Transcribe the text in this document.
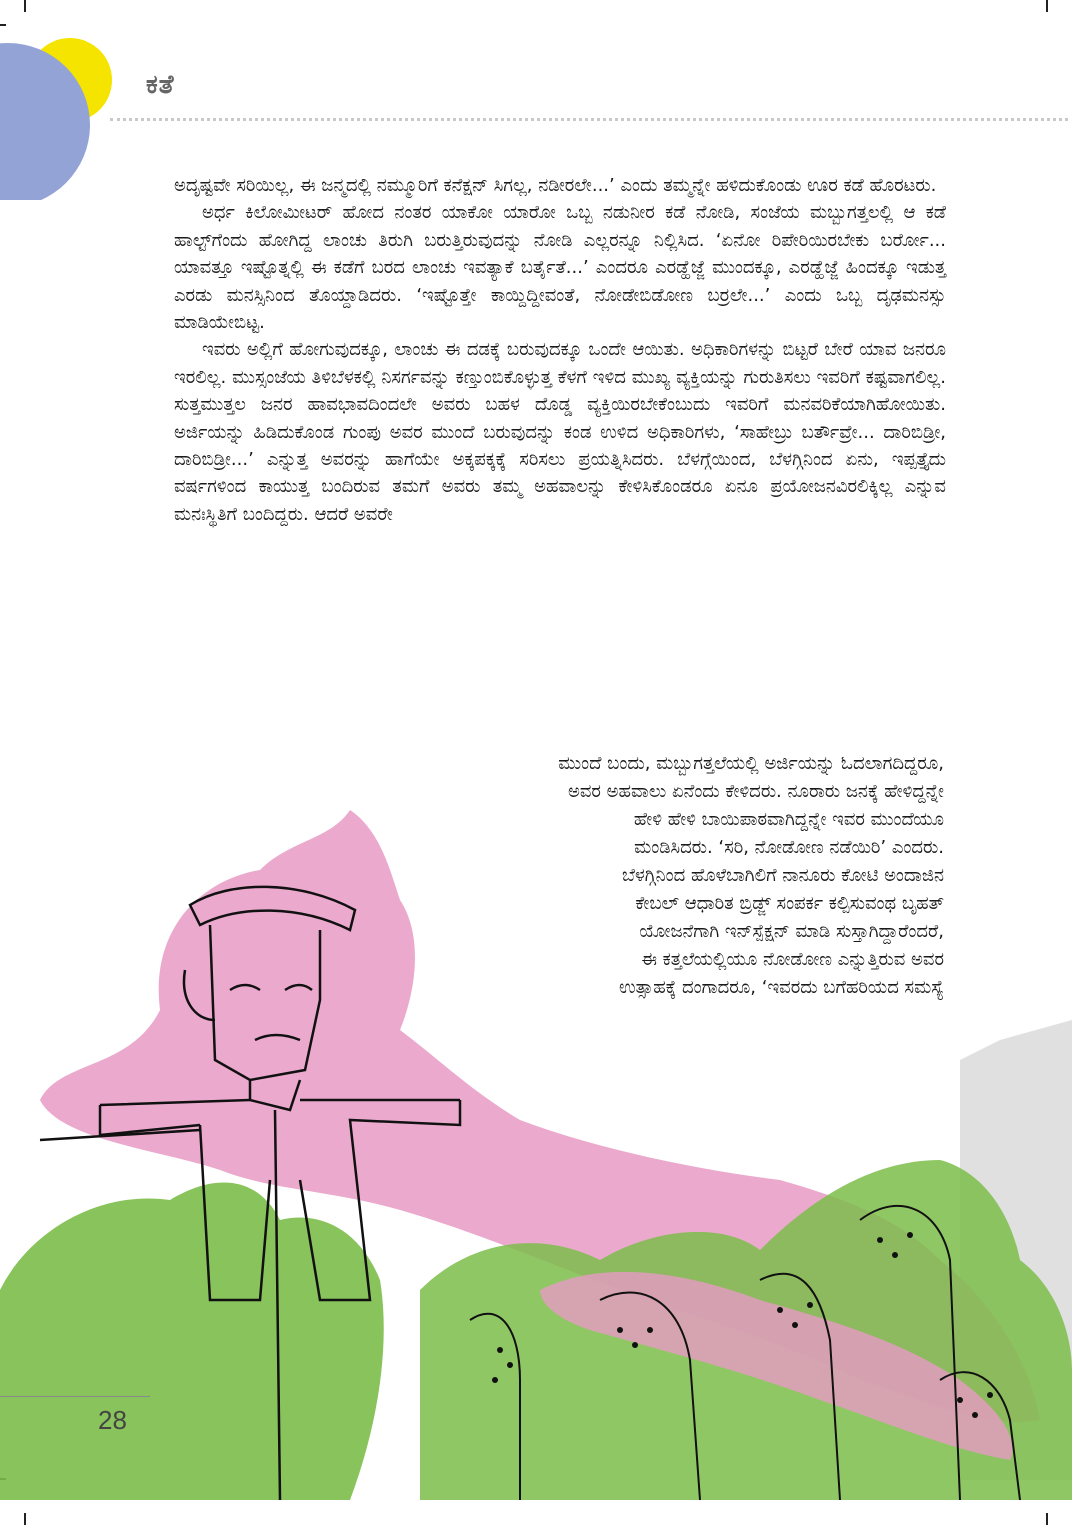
ಕತೆ

ಅದೃಷ್ಟವೇ ಸರಿಯಿಲ್ಲ, ಈ ಜನ್ಮದಲ್ಲಿ ನಮ್ಮೂರಿಗೆ ಕನೆಕ್ಷನ್ ಸಿಗಲ್ಲ, ನಡೀರಲೇ...’ ಎಂದು ತಮ್ಮನ್ನೇ ಹಳಿದುಕೊಂಡು ಊರ ಕಡೆ ಹೊರಟರು.

ಅರ್ಧ ಕಿಲೋಮೀಟರ್ ಹೋದ ನಂತರ ಯಾಕೋ ಯಾರೋ ಒಬ್ಬ ನಡುನೀರ ಕಡೆ ನೋಡಿ, ಸಂಜೆಯ ಮಬ್ಬುಗತ್ತಲಲ್ಲಿ ಆ ಕಡೆ ಹಾಲ್ಟ್‌ಗೆಂದು ಹೋಗಿದ್ದ ಲಾಂಚು ತಿರುಗಿ ಬರುತ್ತಿರುವುದನ್ನು ನೋಡಿ ಎಲ್ಲರನ್ನೂ ನಿಲ್ಲಿಸಿದ. ‘ಏನೋ ರಿಪೇರಿಯಿರಬೇಕು ಬರ್ರೋ... ಯಾವತ್ತೂ ಇಷ್ಟೊತ್ನಲ್ಲಿ ಈ ಕಡೆಗೆ ಬರದ ಲಾಂಚು ಇವತ್ಯಾಕೆ ಬರ್ತೈತೆ...’ ಎಂದರೂ ಎರಡ್ಹೆಜ್ಜೆ ಮುಂದಕ್ಕೂ, ಎರಡ್ಹೆಜ್ಜೆ ಹಿಂದಕ್ಕೂ ಇಡುತ್ತ ಎರಡು ಮನಸ್ಸಿನಿಂದ ತೊಯ್ದಾಡಿದರು. ‘ಇಷ್ಟೊತ್ತೇ ಕಾಯ್ದಿದ್ದೀವಂತೆ, ನೋಡೇಬಿಡೋಣ ಬರ್ರಲೇ...’ ಎಂದು ಒಬ್ಬ ದೃಢಮನಸ್ಸು ಮಾಡಿಯೇಬಿಟ್ಟ.

ಇವರು ಅಲ್ಲಿಗೆ ಹೋಗುವುದಕ್ಕೂ, ಲಾಂಚು ಈ ದಡಕ್ಕೆ ಬರುವುದಕ್ಕೂ ಒಂದೇ ಆಯಿತು. ಅಧಿಕಾರಿಗಳನ್ನು ಬಿಟ್ಟರೆ ಬೇರೆ ಯಾವ ಜನರೂ ಇರಲಿಲ್ಲ. ಮುಸ್ಸಂಜೆಯ ತಿಳಿಬೆಳಕಲ್ಲಿ ನಿಸರ್ಗವನ್ನು ಕಣ್ತುಂಬಿಕೊಳ್ಳುತ್ತ ಕೆಳಗೆ ಇಳಿದ ಮುಖ್ಯ ವ್ಯಕ್ತಿಯನ್ನು ಗುರುತಿಸಲು ಇವರಿಗೆ ಕಷ್ಟವಾಗಲಿಲ್ಲ. ಸುತ್ತಮುತ್ತಲ ಜನರ ಹಾವಭಾವದಿಂದಲೇ ಅವರು ಬಹಳ ದೊಡ್ಡ ವ್ಯಕ್ತಿಯಿರಬೇಕೆಂಬುದು ಇವರಿಗೆ ಮನವರಿಕೆಯಾಗಿಹೋಯಿತು. ಅರ್ಜಿಯನ್ನು ಹಿಡಿದುಕೊಂಡ ಗುಂಪು ಅವರ ಮುಂದೆ ಬರುವುದನ್ನು ಕಂಡ ಉಳಿದ ಅಧಿಕಾರಿಗಳು, ‘ಸಾಹೇಬ್ರು ಬರ್ತೌವ್ರೇ... ದಾರಿಬಿಡ್ರೀ, ದಾರಿಬಿಡ್ರೀ...’ ಎನ್ನುತ್ತ ಅವರನ್ನು ಹಾಗೆಯೇ ಅಕ್ಕಪಕ್ಕಕ್ಕೆ ಸರಿಸಲು ಪ್ರಯತ್ನಿಸಿದರು. ಬೆಳಗ್ಗೆಯಿಂದ, ಬೆಳಗ್ಗಿನಿಂದ ಏನು, ಇಪ್ಪತ್ತೈದು ವರ್ಷಗಳಿಂದ ಕಾಯುತ್ತ ಬಂದಿರುವ ತಮಗೆ ಅವರು ತಮ್ಮ ಅಹವಾಲನ್ನು ಕೇಳಿಸಿಕೊಂಡರೂ ಏನೂ ಪ್ರಯೋಜನವಿರಲಿಕ್ಕಿಲ್ಲ ಎನ್ನುವ ಮನಃಸ್ಥಿತಿಗೆ ಬಂದಿದ್ದರು. ಆದರೆ ಅವರೇ

ಮುಂದೆ ಬಂದು, ಮಬ್ಬುಗತ್ತಲೆಯಲ್ಲಿ ಅರ್ಜಿಯನ್ನು ಓದಲಾಗದಿದ್ದರೂ,
ಅವರ ಅಹವಾಲು ಏನೆಂದು ಕೇಳಿದರು. ನೂರಾರು ಜನಕ್ಕೆ ಹೇಳಿದ್ದನ್ನೇ
ಹೇಳಿ ಹೇಳಿ ಬಾಯಿಪಾಠವಾಗಿದ್ದನ್ನೇ ಇವರ ಮುಂದೆಯೂ
ಮಂಡಿಸಿದರು. ‘ಸರಿ, ನೋಡೋಣ ನಡೆಯಿರಿ’ ಎಂದರು.
ಬೆಳಗ್ಗಿನಿಂದ ಹೊಳೆಬಾಗಿಲಿಗೆ ನಾನೂರು ಕೋಟಿ ಅಂದಾಜಿನ
ಕೇಬಲ್ ಆಧಾರಿತ ಬ್ರಿಡ್ಜ್ ಸಂಪರ್ಕ ಕಲ್ಪಿಸುವಂಥ ಬೃಹತ್
ಯೋಜನೆಗಾಗಿ ಇನ್‌ಸ್ಪೆಕ್ಷನ್ ಮಾಡಿ ಸುಸ್ತಾಗಿದ್ದಾರೆಂದರೆ,
ಈ ಕತ್ತಲೆಯಲ್ಲಿಯೂ ನೋಡೋಣ ಎನ್ನುತ್ತಿರುವ ಅವರ
ಉತ್ಸಾಹಕ್ಕೆ ದಂಗಾದರೂ, ‘ಇವರದು ಬಗೆಹರಿಯದ ಸಮಸ್ಯೆ
28
